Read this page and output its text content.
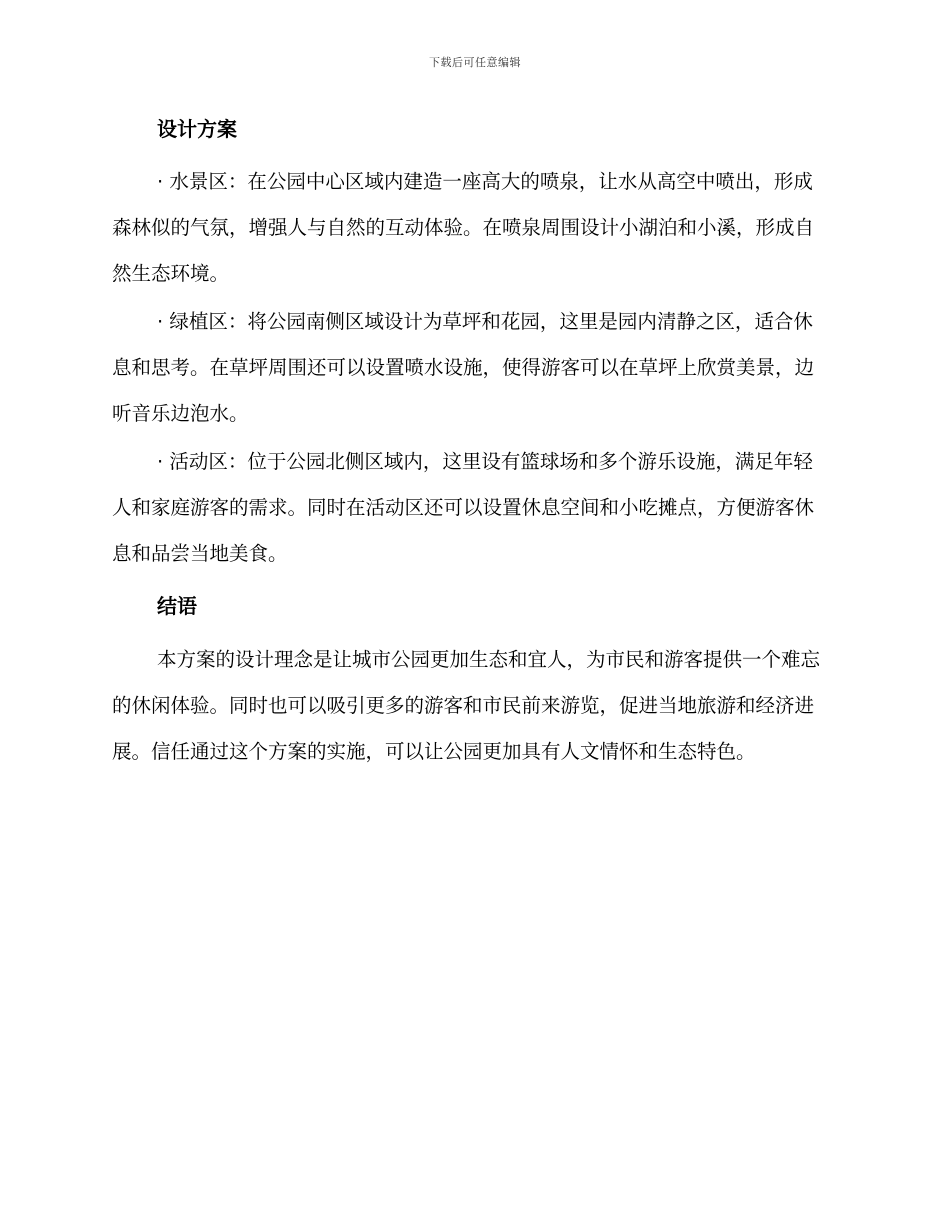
下载后可任意编辑
设计方案

· 水景区：在公园中心区域内建造一座高大的喷泉，让水从高空中喷出，形成森林似的气氛，增强人与自然的互动体验。在喷泉周围设计小湖泊和小溪，形成自然生态环境。

· 绿植区：将公园南侧区域设计为草坪和花园，这里是园内清静之区，适合休息和思考。在草坪周围还可以设置喷水设施，使得游客可以在草坪上欣赏美景，边听音乐边泡水。

· 活动区：位于公园北侧区域内，这里设有篮球场和多个游乐设施，满足年轻人和家庭游客的需求。同时在活动区还可以设置休息空间和小吃摊点，方便游客休息和品尝当地美食。

结语

本方案的设计理念是让城市公园更加生态和宜人，为市民和游客提供一个难忘的休闲体验。同时也可以吸引更多的游客和市民前来游览，促进当地旅游和经济进展。信任通过这个方案的实施，可以让公园更加具有人文情怀和生态特色。
